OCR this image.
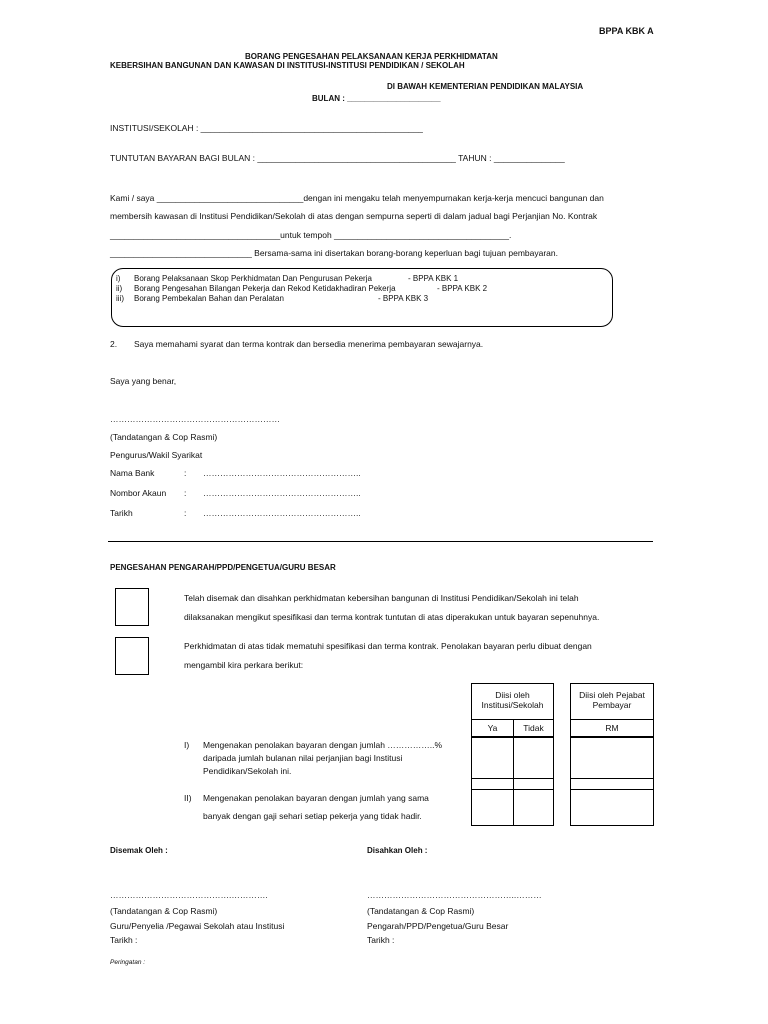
BPPA KBK A
BORANG PENGESAHAN PELAKSANAAN KERJA PERKHIDMATAN
KEBERSIHAN BANGUNAN DAN KAWASAN DI INSTITUSI-INSTITUSI PENDIDIKAN / SEKOLAH
DI BAWAH KEMENTERIAN PENDIDIKAN MALAYSIA
BULAN : _____________________
INSTITUSI/SEKOLAH : _______________________________________________
TUNTUTAN BAYARAN BAGI BULAN : __________________________________________ TAHUN : _______________
Kami / saya _______________________________dengan ini mengaku telah menyempurnakan kerja-kerja mencuci bangunan dan
membersih kawasan di Institusi Pendidikan/Sekolah di atas dengan sempurna seperti di dalam jadual bagi Perjanjian No. Kontrak
____________________________________untuk tempoh _____________________________________.
______________________________ Bersama-sama ini disertakan borang-borang keperluan bagi tujuan pembayaran.
i) Borang Pelaksanaan Skop Perkhidmatan Dan Pengurusan Pekerja	- BPPA KBK 1
ii) Borang Pengesahan Bilangan Pekerja dan Rekod Ketidakhadiran Pekerja	- BPPA KBK 2
iii) Borang Pembekalan Bahan dan Peralatan	- BPPA KBK 3
2. Saya memahami syarat dan terma kontrak dan bersedia menerima pembayaran sewajarnya.
Saya yang benar,
……………………………………………………
(Tandatangan & Cop Rasmi)
Pengurus/Wakil Syarikat
Nama Bank	: ………………………………………………..
Nombor Akaun : ………………………………………………..
Tarikh	: ………………………………………………..
PENGESAHAN PENGARAH/PPD/PENGETUA/GURU BESAR
Telah disemak dan disahkan perkhidmatan kebersihan bangunan di Institusi Pendidikan/Sekolah ini telah
dilaksanakan mengikut spesifikasi dan terma kontrak tuntutan di atas diperakukan untuk bayaran sepenuhnya.
Perkhidmatan di atas tidak mematuhi spesifikasi dan terma kontrak. Penolakan bayaran perlu dibuat dengan
mengambil kira perkara berikut:
Diisi oleh Institusi/Sekolah
Ya	Tidak
Diisi oleh Pejabat Pembayar
RM
I) Mengenakan penolakan bayaran dengan jumlah ……………..%
daripada jumlah bulanan nilai perjanjian bagi Institusi
Pendidikan/Sekolah ini.
II) Mengenakan penolakan bayaran dengan jumlah yang sama
banyak dengan gaji sehari setiap pekerja yang tidak hadir.
Disemak Oleh :	Disahkan Oleh :
…………………………………….………….	……………………………………………..………
(Tandatangan & Cop Rasmi)	(Tandatangan & Cop Rasmi)
Guru/Penyelia /Pegawai Sekolah atau Institusi	Pengarah/PPD/Pengetua/Guru Besar
Tarikh :	Tarikh :
Peringatan :
